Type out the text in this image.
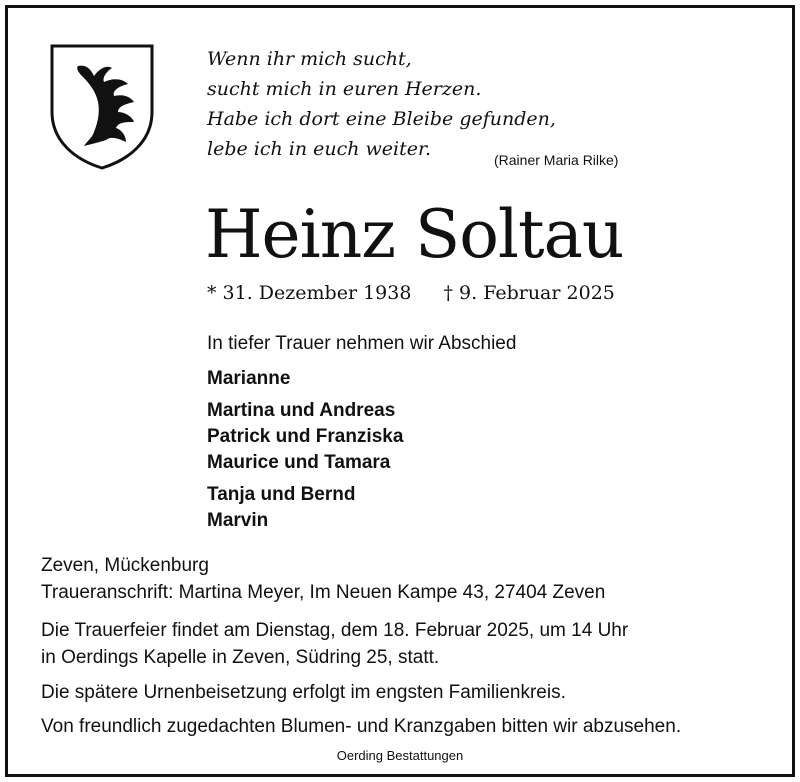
Wenn ihr mich sucht,
sucht mich in euren Herzen.
Habe ich dort eine Bleibe gefunden,
lebe ich in euch weiter.	(Rainer Maria Rilke)
Heinz Soltau
* 31. Dezember 1938 † 9. Februar 2025
In tiefer Trauer nehmen wir Abschied
Marianne
Martina und Andreas
Patrick und Franziska
Maurice und Tamara
Tanja und Bernd
Marvin
Zeven, Mückenburg
Traueranschrift: Martina Meyer, Im Neuen Kampe 43, 27404 Zeven
Die Trauerfeier findet am Dienstag, dem 18. Februar 2025, um 14 Uhr
in Oerdings Kapelle in Zeven, Südring 25, statt.
Die spätere Urnenbeisetzung erfolgt im engsten Familienkreis.
Von freundlich zugedachten Blumen- und Kranzgaben bitten wir abzusehen.
Oerding Bestattungen
